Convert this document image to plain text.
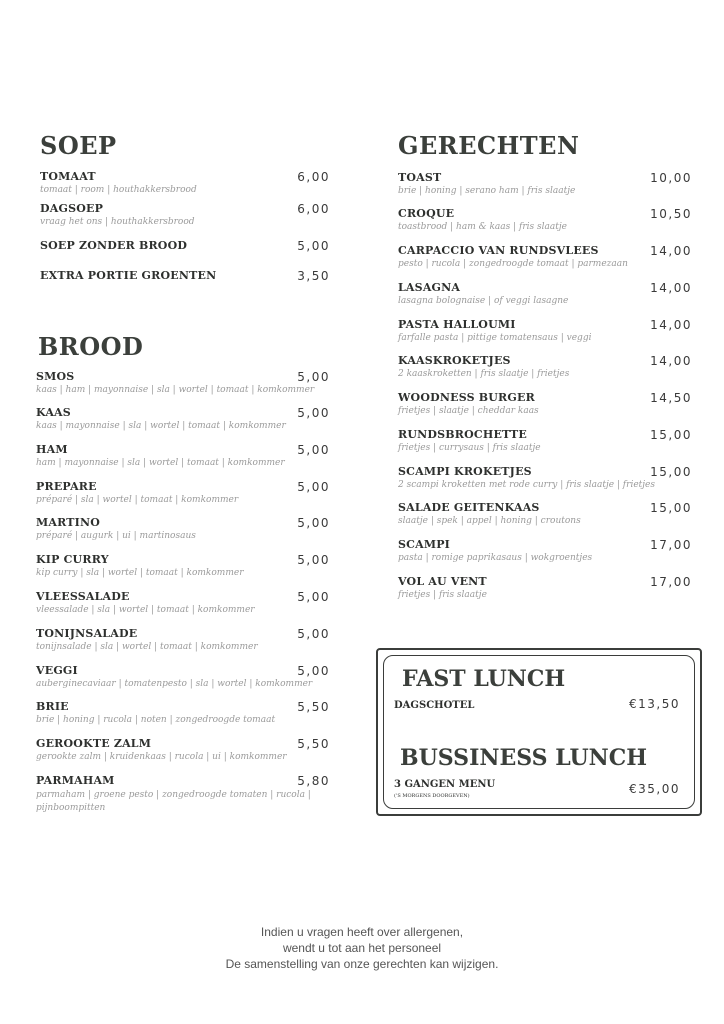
SOEP
TOMAAT	6,00
tomaat | room | houthakkersbrood
DAGSOEP	6,00
vraag het ons | houthakkersbrood
SOEP ZONDER BROOD	5,00
EXTRA PORTIE GROENTEN	3,50
BROOD
SMOS	5,00
kaas | ham | mayonnaise | sla | wortel | tomaat | komkommer
KAAS	5,00
kaas | mayonnaise | sla | wortel | tomaat | komkommer
HAM	5,00
ham | mayonnaise | sla | wortel | tomaat | komkommer
PREPARE	5,00
préparé | sla | wortel | tomaat | komkommer
MARTINO	5,00
préparé | augurk | ui | martinosaus
KIP CURRY	5,00
kip curry | sla | wortel | tomaat | komkommer
VLEESSALADE	5,00
vleessalade | sla | wortel | tomaat | komkommer
TONIJNSALADE	5,00
tonijnsalade | sla | wortel | tomaat | komkommer
VEGGI	5,00
auberginecaviaar | tomatenpesto | sla | wortel | komkommer
BRIE	5,50
brie | honing | rucola | noten | zongedroogde tomaat
GEROOKTE ZALM	5,50
gerookte zalm | kruidenkaas | rucola | ui | komkommer
PARMAHAM	5,80
parmaham | groene pesto | zongedroogde tomaten | rucola | pijnboompitten
GERECHTEN
TOAST	10,00
brie | honing | serano ham | fris slaatje
CROQUE	10,50
toastbrood | ham & kaas | fris slaatje
CARPACCIO VAN RUNDSVLEES	14,00
pesto | rucola | zongedroogde tomaat | parmezaan
LASAGNA	14,00
lasagna bolognaise | of veggi lasagne
PASTA HALLOUMI	14,00
farfalle pasta | pittige tomatensaus | veggi
KAASKROKETJES	14,00
2 kaaskroketten | fris slaatje | frietjes
WOODNESS BURGER	14,50
frietjes | slaatje | cheddar kaas
RUNDSBROCHETTE	15,00
frietjes | currysaus | fris slaatje
SCAMPI KROKETJES	15,00
2 scampi kroketten met rode curry | fris slaatje | frietjes
SALADE GEITENKAAS	15,00
slaatje | spek | appel | honing | croutons
SCAMPI	17,00
pasta | romige paprikasaus | wokgroentjes
VOL AU VENT	17,00
frietjes | fris slaatje
FAST LUNCH
DAGSCHOTEL	€13,50
BUSSINESS LUNCH
3 GANGEN MENU
('S MORGENS DOORGEVEN)	€35,00
Indien u vragen heeft over allergenen,
wendt u tot aan het personeel
De samenstelling van onze gerechten kan wijzigen.
